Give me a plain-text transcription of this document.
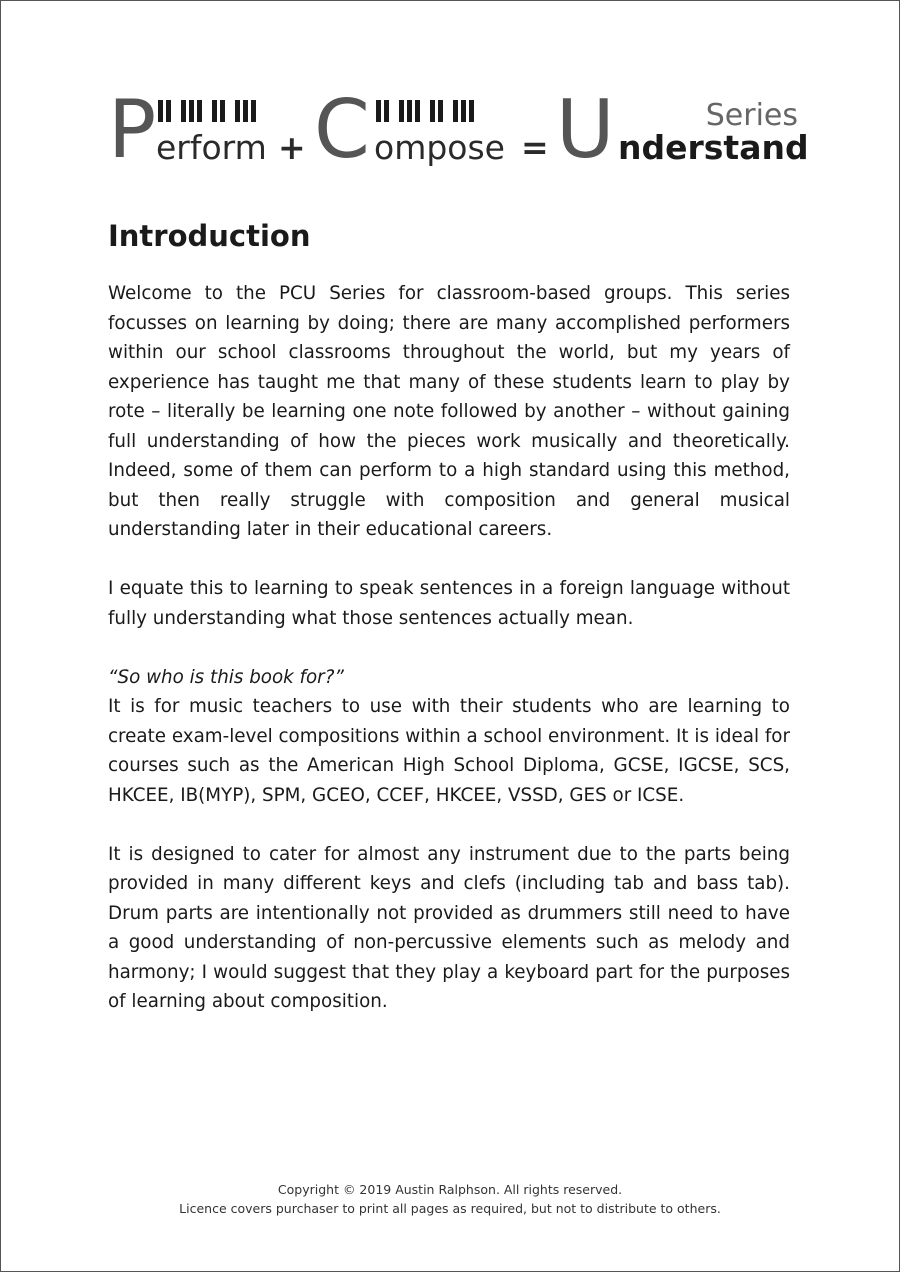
P erform + C ompose = U	Series
nderstand
Introduction

Welcome to the PCU Series for classroom-based groups. This series focusses on learning by doing; there are many accomplished performers within our school classrooms throughout the world, but my years of experience has taught me that many of these students learn to play by rote – literally be learning one note followed by another – without gaining full understanding of how the pieces work musically and theoretically. Indeed, some of them can perform to a high standard using this method, but then really struggle with composition and general musical understanding later in their educational careers.

I equate this to learning to speak sentences in a foreign language without fully understanding what those sentences actually mean.

“So who is this book for?”
It is for music teachers to use with their students who are learning to create exam-level compositions within a school environment. It is ideal for courses such as the American High School Diploma, GCSE, IGCSE, SCS, HKCEE, IB(MYP), SPM, GCEO, CCEF, HKCEE, VSSD, GES or ICSE.

It is designed to cater for almost any instrument due to the parts being provided in many different keys and clefs (including tab and bass tab). Drum parts are intentionally not provided as drummers still need to have a good understanding of non-percussive elements such as melody and harmony; I would suggest that they play a keyboard part for the purposes of learning about composition.

Copyright © 2019 Austin Ralphson. All rights reserved.
Licence covers purchaser to print all pages as required, but not to distribute to others.
